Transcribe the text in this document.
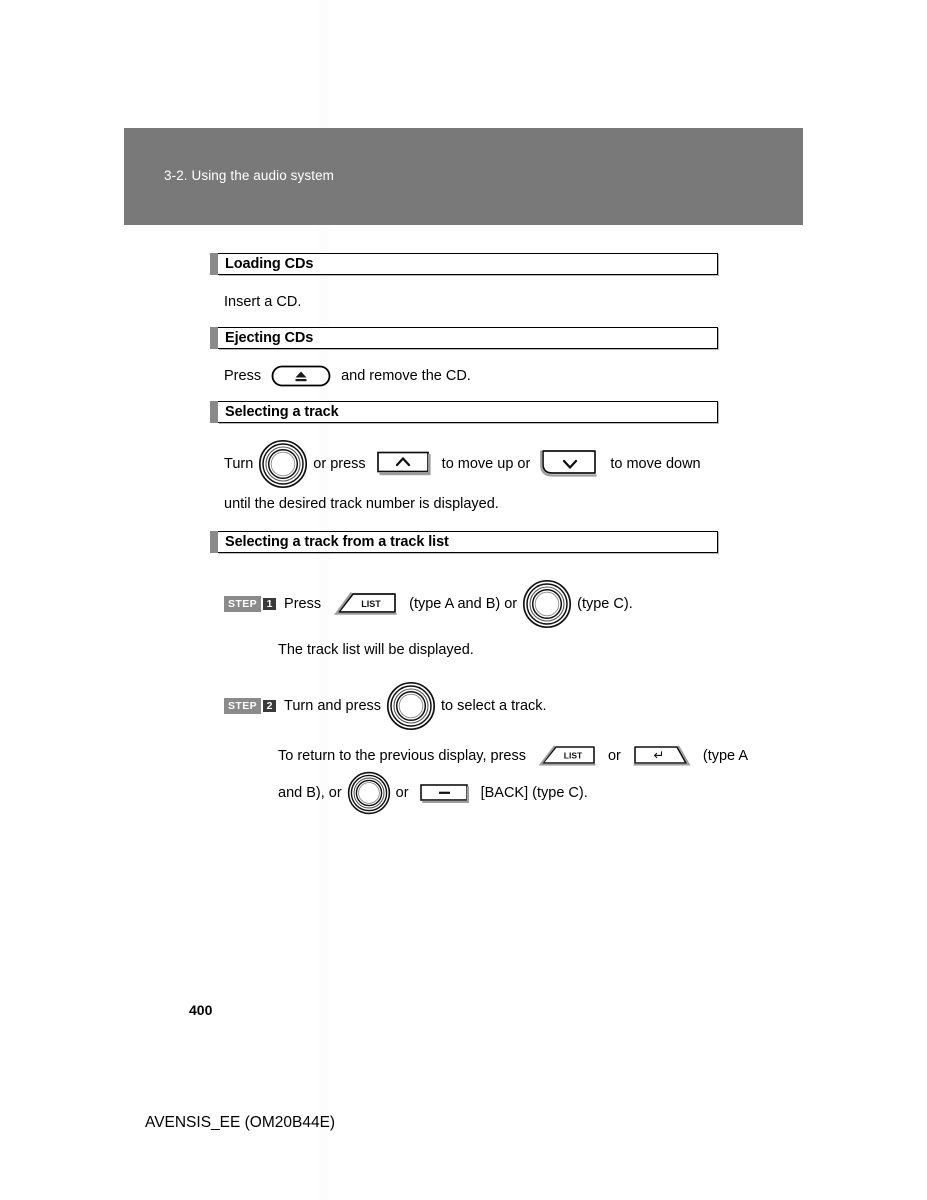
3-2. Using the audio system
Loading CDs
Insert a CD.
Ejecting CDs
Press	and remove the CD.
Selecting a track
Turn	or press	to move up or	to move down
until the desired track number is displayed.
Selecting a track from a track list
STEP 1 Press	LIST (type A and B) or	(type C).
The track list will be displayed.
STEP 2 Turn and press	to select a track.
To return to the previous display, press	LIST or	↵	(type A
and B), or	or	[BACK] (type C).
400
AVENSIS_EE (OM20B44E)
